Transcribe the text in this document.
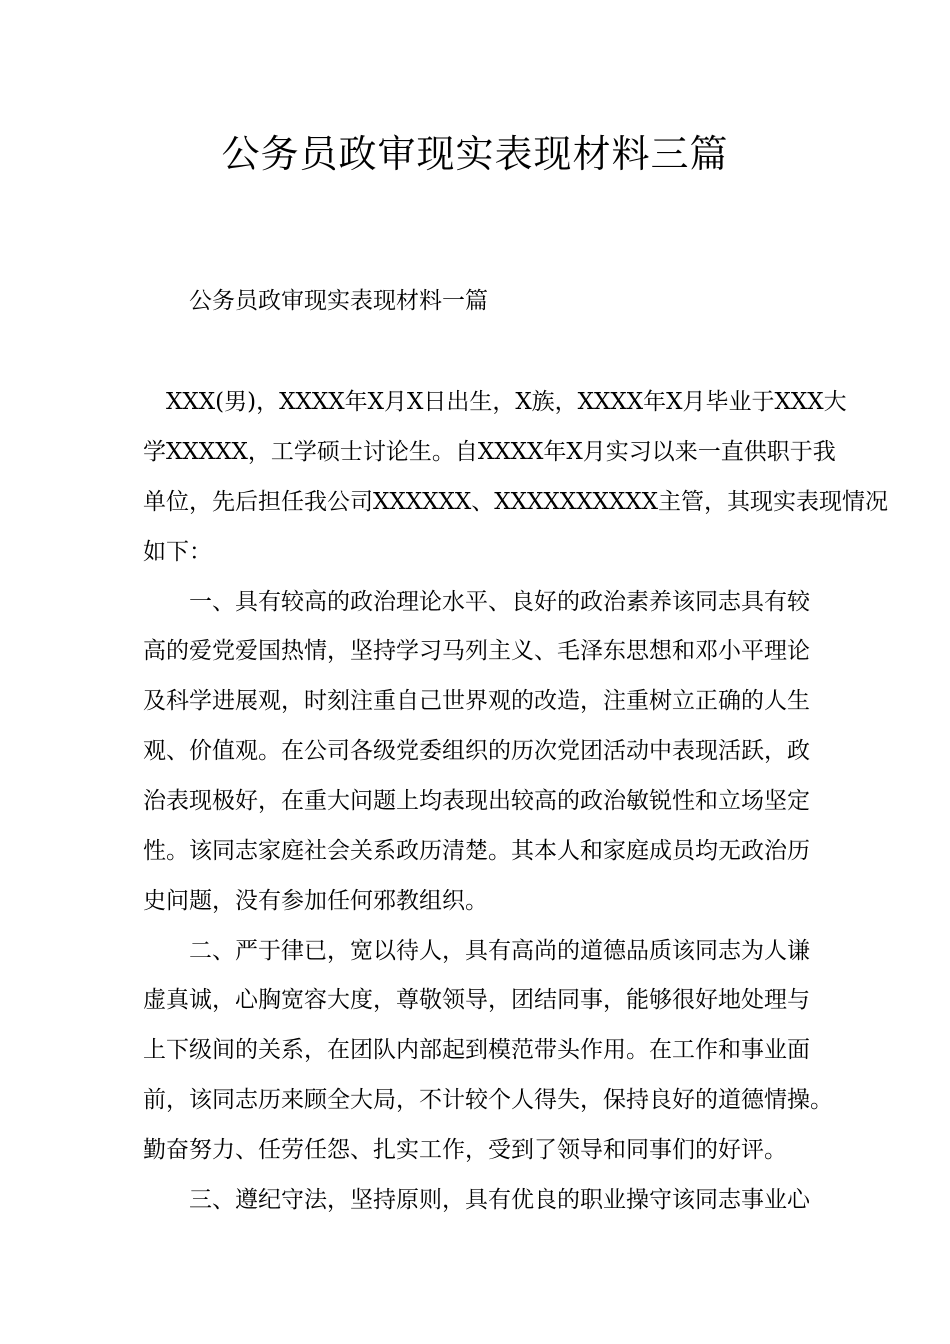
公务员政审现实表现材料三篇

公务员政审现实表现材料一篇

XXX(男)，XXXX年X月X日出生，X族，XXXX年X月毕业于XXX大

学XXXXX，工学硕士讨论生。自XXXX年X月实习以来一直供职于我

单位，先后担任我公司XXXXXX、XXXXXXXXXX主管，其现实表现情况

如下：

一、具有较高的政治理论水平、良好的政治素养该同志具有较

高的爱党爱国热情，坚持学习马列主义、毛泽东思想和邓小平理论

及科学进展观，时刻注重自己世界观的改造，注重树立正确的人生

观、价值观。在公司各级党委组织的历次党团活动中表现活跃，政

治表现极好，在重大问题上均表现出较高的政治敏锐性和立场坚定

性。该同志家庭社会关系政历清楚。其本人和家庭成员均无政治历

史问题，没有参加任何邪教组织。

二、严于律已，宽以待人，具有高尚的道德品质该同志为人谦

虚真诚，心胸宽容大度，尊敬领导，团结同事，能够很好地处理与

上下级间的关系，在团队内部起到模范带头作用。在工作和事业面

前，该同志历来顾全大局，不计较个人得失，保持良好的道德情操。

勤奋努力、任劳任怨、扎实工作，受到了领导和同事们的好评。

三、遵纪守法，坚持原则，具有优良的职业操守该同志事业心
